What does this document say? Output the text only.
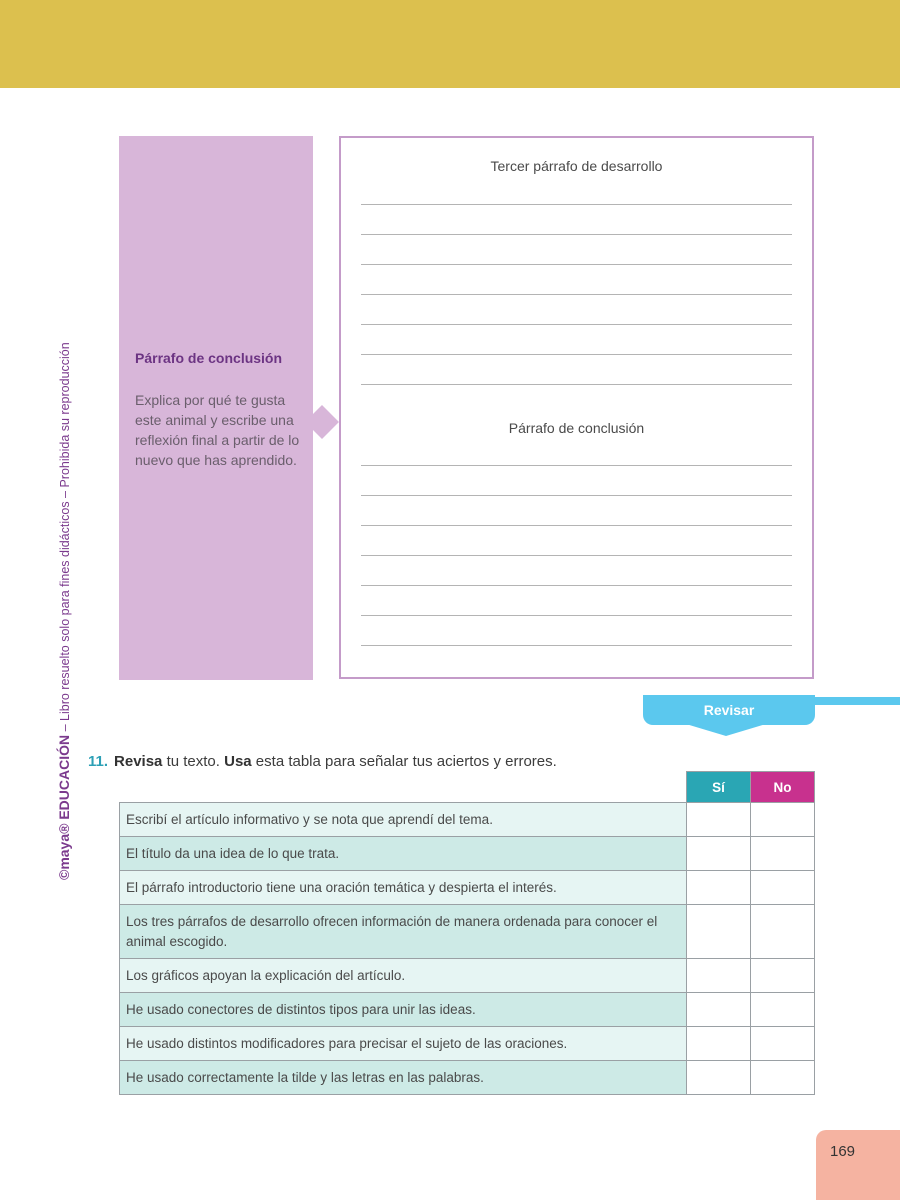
©maya® EDUCACIÓN – Libro resuelto solo para fines didácticos – Prohibida su reproducción	Párrafo de conclusión
Explica por qué te gusta este animal y escribe una reflexión final a partir de lo nuevo que has aprendido.
Tercer párrafo de desarrollo
Párrafo de conclusión
Revisar
11. Revisa tu texto. Usa esta tabla para señalar tus aciertos y errores.
	Sí	No
Escribí el artículo informativo y se nota que aprendí del tema.		
El título da una idea de lo que trata.		
El párrafo introductorio tiene una oración temática y despierta el interés.		
Los tres párrafos de desarrollo ofrecen información de manera ordenada para conocer el animal escogido.		
Los gráficos apoyan la explicación del artículo.		
He usado conectores de distintos tipos para unir las ideas.		
He usado distintos modificadores para precisar el sujeto de las oraciones.		
He usado correctamente la tilde y las letras en las palabras.		
169
